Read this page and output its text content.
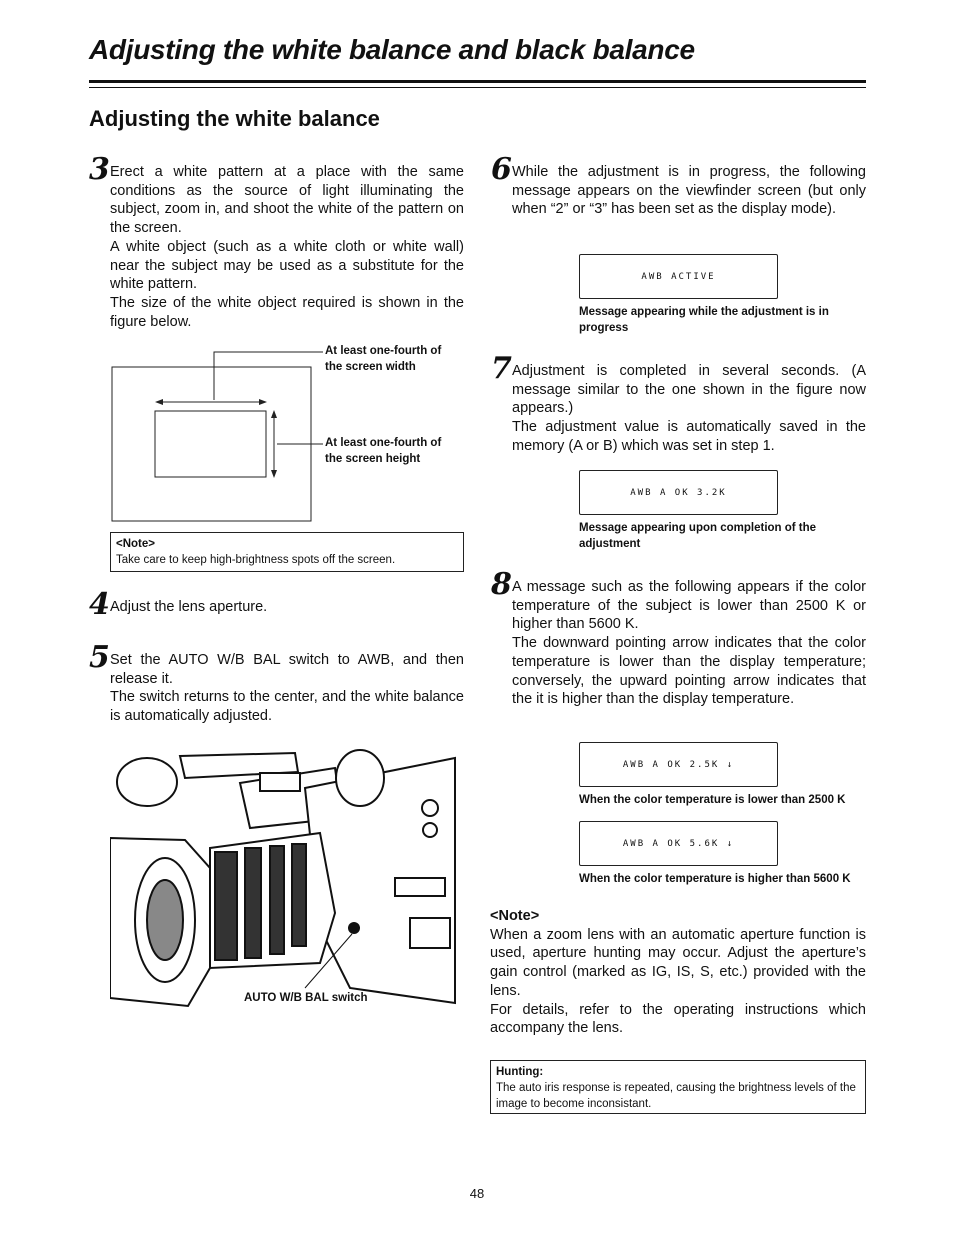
Adjusting the white balance and black balance
Adjusting the white balance
3 Erect a white pattern at a place with the same conditions as the source of light illuminating the subject, zoom in, and shoot the white of the pattern on the screen.

A white object (such as a white cloth or white wall) near the subject may be used as a substitute for the white pattern.

The size of the white object required is shown in the figure below.

At least one-fourth of
the screen width
At least one-fourth of
the screen height
<Note>
Take care to keep high-brightness spots off the screen.
4 Adjust the lens aperture.

5 Set the AUTO W/B BAL switch to AWB, and then release it.

The switch returns to the center, and the white balance is automatically adjusted.

AUTO W/B BAL switch
6 While the adjustment is in progress, the following message appears on the viewfinder screen (but only when “2” or “3” has been set as the display mode).

AWB ACTIVE
Message appearing while the adjustment is in
progress
7 Adjustment is completed in several seconds. (A message similar to the one shown in the figure now appears.)

The adjustment value is automatically saved in the memory (A or B) which was set in step 1.

AWB A OK 3.2K
Message appearing upon completion of the
adjustment
8 A message such as the following appears if the color temperature of the subject is lower than 2500 K or higher than 5600 K.

The downward pointing arrow indicates that the color temperature is lower than the display temperature; conversely, the upward pointing arrow indicates that the it is higher than the display temperature.

AWB A OK 2.5K ↓
When the color temperature is lower than 2500 K
AWB A OK 5.6K ↓
When the color temperature is higher than 5600 K

<Note>

When a zoom lens with an automatic aperture function is used, aperture hunting may occur. Adjust the aperture’s gain control (marked as IG, IS, S, etc.) provided with the lens.

For details, refer to the operating instructions which accompany the lens.

Hunting:
The auto iris response is repeated, causing the brightness levels of the image to become inconsistant.
48
